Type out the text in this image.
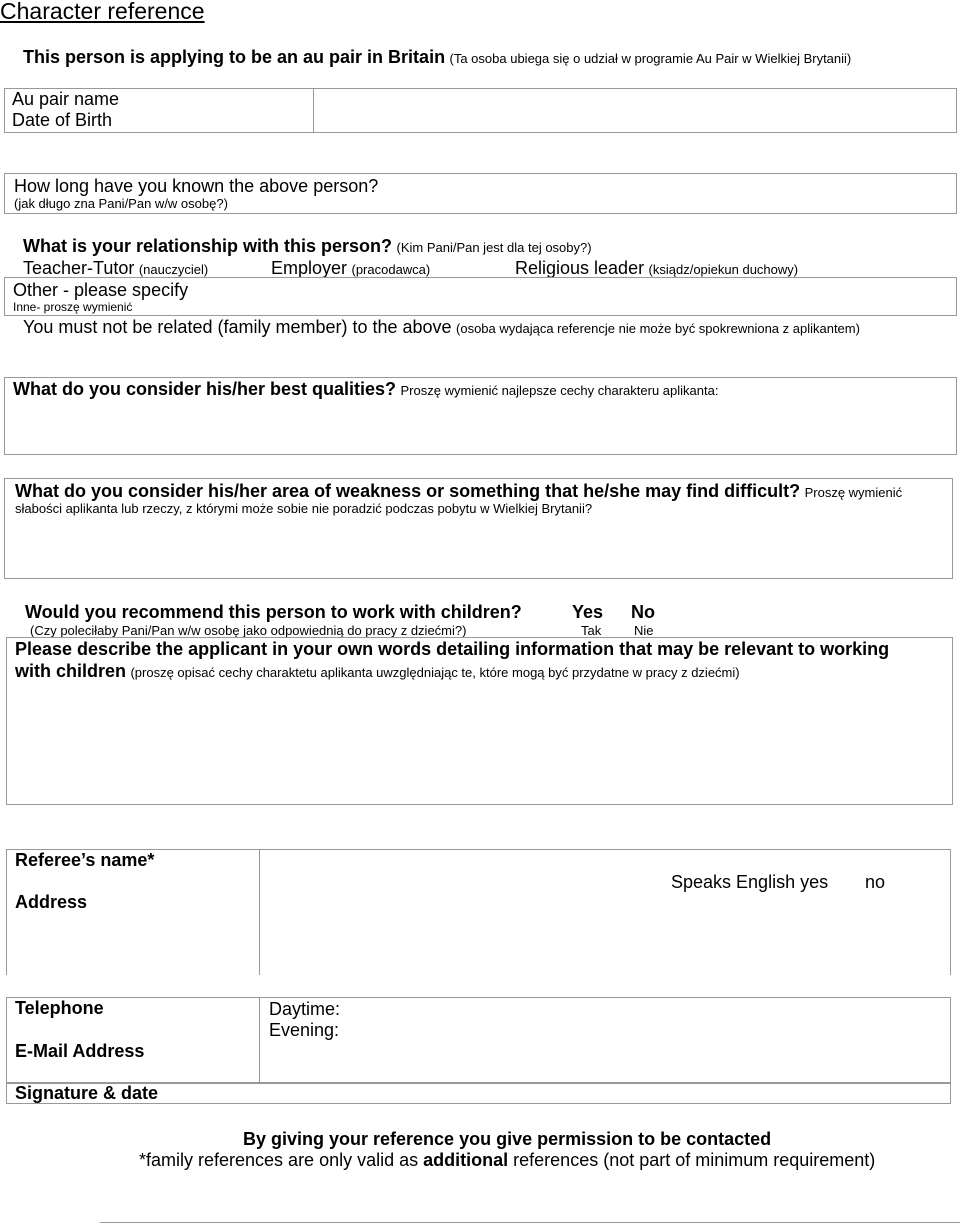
Character reference
This person is applying to be an au pair in Britain (Ta osoba ubiega się o udział w programie Au Pair w Wielkiej Brytanii)
Au pair name
Date of Birth
How long have you known the above person?
(jak długo zna Pani/Pan w/w osobę?)
What is your relationship with this person? (Kim Pani/Pan jest dla tej osoby?)
Teacher-Tutor (nauczyciel)	Employer (pracodawca)	Religious leader (ksiądz/opiekun duchowy)
Other - please specify
Inne- proszę wymienić
You must not be related (family member) to the above (osoba wydająca referencje nie może być spokrewniona z aplikantem)
What do you consider his/her best qualities? Proszę wymienić najlepsze cechy charakteru aplikanta:
What do you consider his/her area of weakness or something that he/she may find difficult? Proszę wymienić
słabości aplikanta lub rzeczy, z którymi może sobie nie poradzić podczas pobytu w Wielkiej Brytanii?
Would you recommend this person to work with children?	Yes No
(Czy poleciłaby Pani/Pan w/w osobę jako odpowiednią do pracy z dziećmi?)	Tak	Nie
Please describe the applicant in your own words detailing information that may be relevant to working
with children (proszę opisać cechy charaktetu aplikanta uwzględniając te, które mogą być przydatne w pracy z dziećmi)
Referee’s name*
Speaks English yes no
Address
Telephone	Daytime:
Evening:
E-Mail Address
Signature & date
By giving your reference you give permission to be contacted
*family references are only valid as additional references (not part of minimum requirement)
